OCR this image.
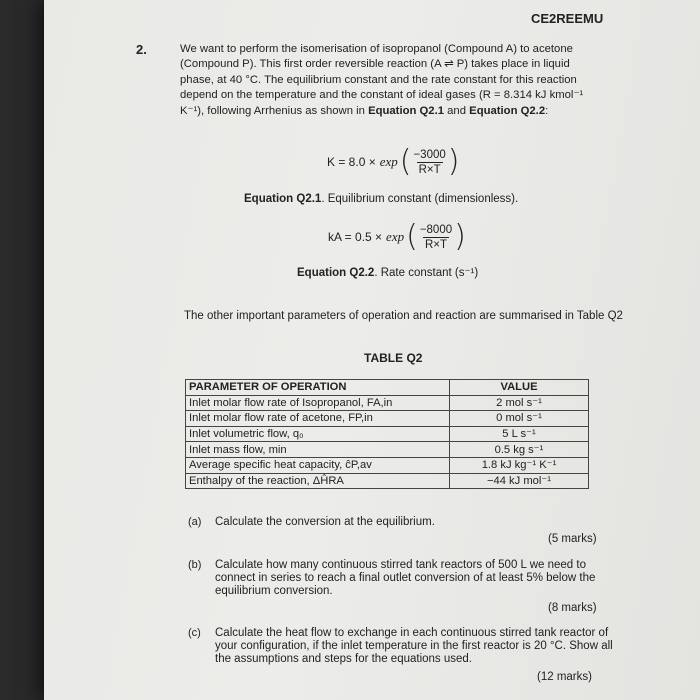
CE2REEMU
2.	We want to perform the isomerisation of isopropanol (Compound A) to acetone (Compound P). This first order reversible reaction (A ⇌ P) takes place in liquid phase, at 40 °C. The equilibrium constant and the rate constant for this reaction depend on the temperature and the constant of ideal gases (R = 8.314 kJ kmol⁻¹ K⁻¹), following Arrhenius as shown in Equation Q2.1 and Equation Q2.2:
K = 8.0 × exp ( $\frac{-3000}{R\times T}$ )
Equation Q2.1. Equilibrium constant (dimensionless).
kA = 0.5 × exp ( $\frac{-8000}{R\times T}$ )
Equation Q2.2. Rate constant (s⁻¹)
The other important parameters of operation and reaction are summarised in Table Q2
TABLE Q2
PARAMETER OF OPERATION	VALUE
Inlet molar flow rate of Isopropanol, FA,in	2 mol s⁻¹
Inlet molar flow rate of acetone, FP,in	0 mol s⁻¹
Inlet volumetric flow, q₀	5 L s⁻¹
Inlet mass flow, min	0.5 kg s⁻¹
Average specific heat capacity, ĉP,av	1.8 kJ kg⁻¹ K⁻¹
Enthalpy of the reaction, ΔĤRA	−44 kJ mol⁻¹
(a) Calculate the conversion at the equilibrium.
(5 marks)
(b) Calculate how many continuous stirred tank reactors of 500 L we need to connect in series to reach a final outlet conversion of at least 5% below the equilibrium conversion.
(8 marks)
(c) Calculate the heat flow to exchange in each continuous stirred tank reactor of your configuration, if the inlet temperature in the first reactor is 20 °C. Show all the assumptions and steps for the equations used.
(12 marks)
